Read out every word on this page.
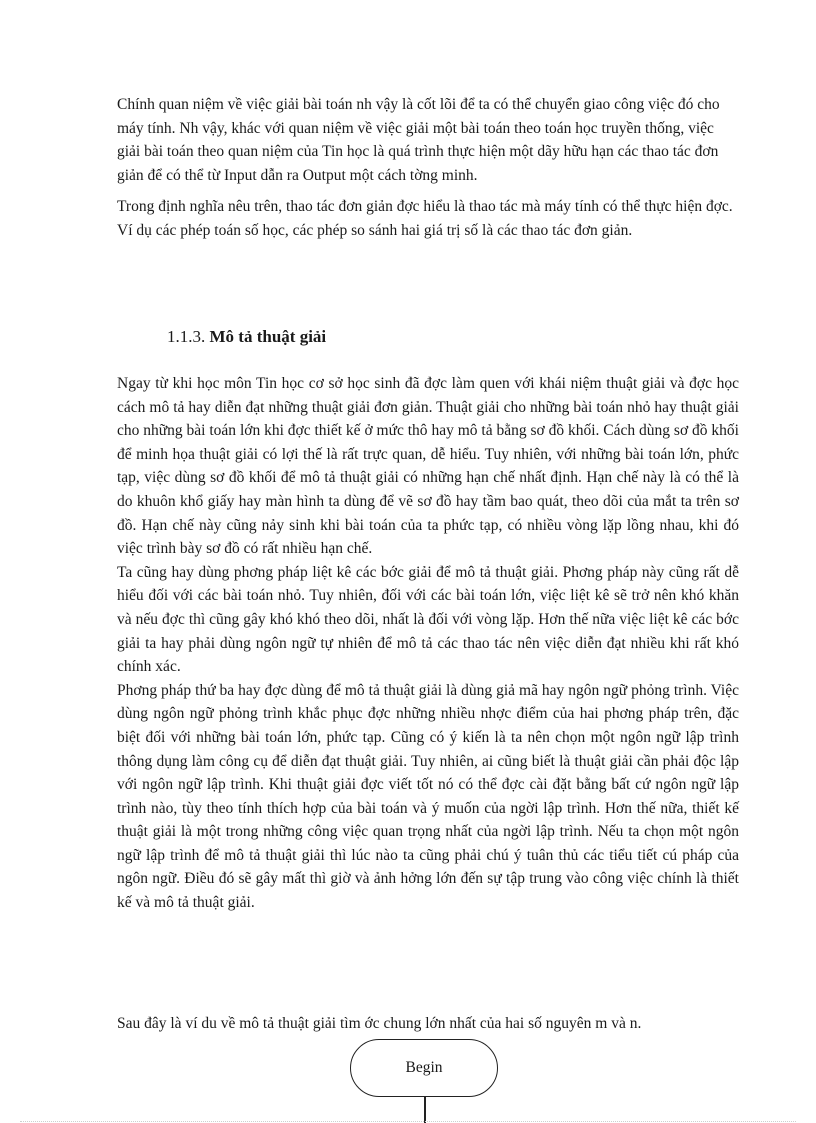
Chính quan niệm về việc giải bài toán nh vậy là cốt lõi để ta có thể chuyển giao công việc đó cho máy tính. Nh vậy, khác với quan niệm về việc giải một bài toán theo toán học truyền thống, việc giải bài toán theo quan niệm của Tin học là quá trình thực hiện một dãy hữu hạn các thao tác đơn giản để có thể từ Input dẫn ra Output một cách tờng minh.

Trong định nghĩa nêu trên, thao tác đơn giản đợc hiểu là thao tác mà máy tính có thể thực hiện đợc. Ví dụ các phép toán số học, các phép so sánh hai giá trị số là các thao tác đơn giản.

1.1.3. Mô tả thuật giải

Ngay từ khi học môn Tin học cơ sở học sinh đã đợc làm quen với khái niệm thuật giải và đợc học cách mô tả hay diễn đạt những thuật giải đơn giản. Thuật giải cho những bài toán nhỏ hay thuật giải cho những bài toán lớn khi đợc thiết kế ở mức thô hay mô tả bằng sơ đồ khối. Cách dùng sơ đồ khối để minh họa thuật giải có lợi thế là rất trực quan, dễ hiểu. Tuy nhiên, với những bài toán lớn, phức tạp, việc dùng sơ đồ khối để mô tả thuật giải có những hạn chế nhất định. Hạn chế này là có thể là do khuôn khổ giấy hay màn hình ta dùng để vẽ sơ đồ hay tầm bao quát, theo dõi của mắt ta trên sơ đồ. Hạn chế này cũng nảy sinh khi bài toán của ta phức tạp, có nhiều vòng lặp lồng nhau, khi đó việc trình bày sơ đồ có rất nhiều hạn chế.

Ta cũng hay dùng phơng pháp liệt kê các bớc giải để mô tả thuật giải. Phơng pháp này cũng rất dễ hiểu đối với các bài toán nhỏ. Tuy nhiên, đối với các bài toán lớn, việc liệt kê sẽ trở nên khó khăn và nếu đợc thì cũng gây khó khó theo dõi, nhất là đối với vòng lặp. Hơn thế nữa việc liệt kê các bớc giải ta hay phải dùng ngôn ngữ tự nhiên để mô tả các thao tác nên việc diễn đạt nhiều khi rất khó chính xác.

Phơng pháp thứ ba hay đợc dùng để mô tả thuật giải là dùng giả mã hay ngôn ngữ phỏng trình. Việc dùng ngôn ngữ phỏng trình khắc phục đợc những nhiều nhợc điểm của hai phơng pháp trên, đặc biệt đối với những bài toán lớn, phức tạp. Cũng có ý kiến là ta nên chọn một ngôn ngữ lập trình thông dụng làm công cụ để diễn đạt thuật giải. Tuy nhiên, ai cũng biết là thuật giải cần phải độc lập với ngôn ngữ lập trình. Khi thuật giải đợc viết tốt nó có thể đợc cài đặt bằng bất cứ ngôn ngữ lập trình nào, tùy theo tính thích hợp của bài toán và ý muốn của ngời lập trình. Hơn thế nữa, thiết kế thuật giải là một trong những công việc quan trọng nhất của ngời lập trình. Nếu ta chọn một ngôn ngữ lập trình để mô tả thuật giải thì lúc nào ta cũng phải chú ý tuân thủ các tiểu tiết cú pháp của ngôn ngữ. Điều đó sẽ gây mất thì giờ và ảnh hởng lớn đến sự tập trung vào công việc chính là thiết kế và mô tả thuật giải.

Sau đây là ví du về mô tả thuật giải tìm ớc chung lớn nhất của hai số nguyên m và n.

Begin
